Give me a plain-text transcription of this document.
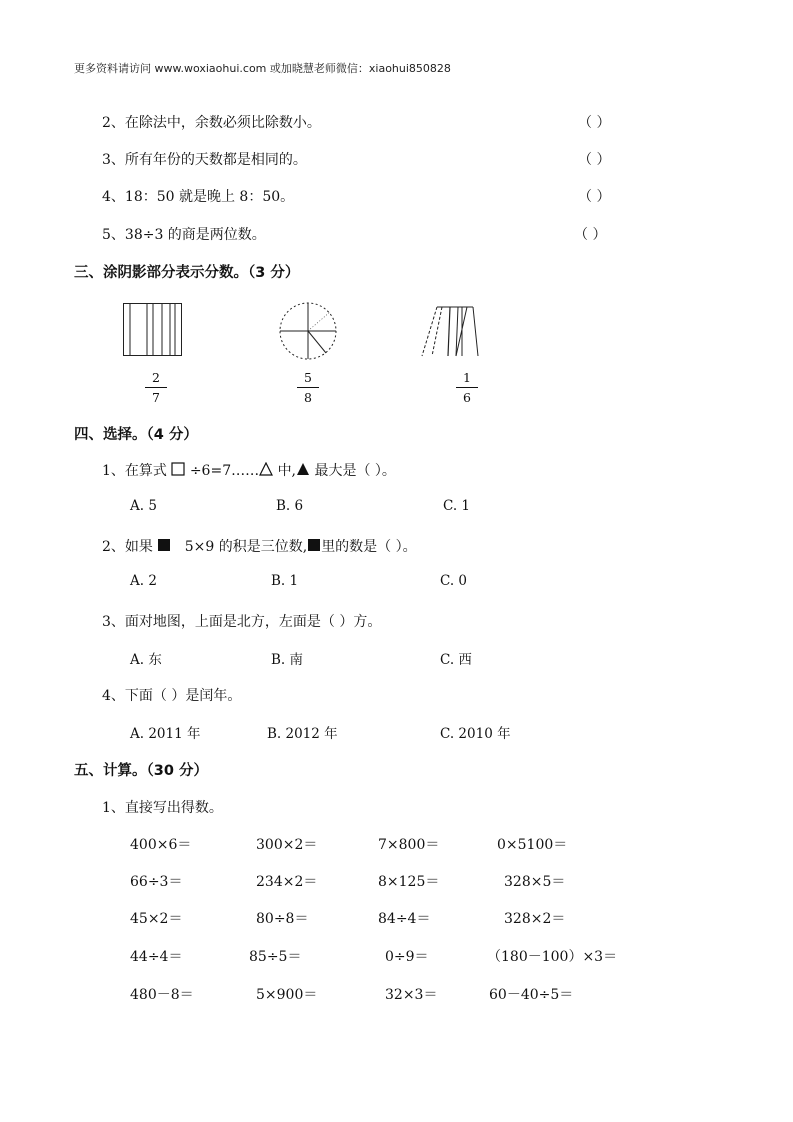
更多资料请访问 www.woxiaohui.com 或加晓慧老师微信：xiaohui850828
2、在除法中，余数必须比除数小。	（ ）
3、所有年份的天数都是相同的。	（ ）
4、18：50 就是晚上 8：50。	（ ）
5、38÷3 的商是两位数。	（ ）
三、涂阴影部分表示分数。（3 分）
$\frac{2}{7}$	$\frac{5}{8}$	$\frac{1}{6}$
四、选择。（4 分）
1、在算式 ÷6=7…… 中, 最大是（ ）。
A. 5	B. 6	C. 1
2、如果 5×9 的积是三位数, 里的数是（ ）。
A. 2	B. 1	C. 0
3、面对地图，上面是北方，左面是（ ）方。
A. 东	B. 南	C. 西
4、下面（ ）是闰年。
A. 2011 年	B. 2012 年	C. 2010 年
五、计算。（30 分）
1、直接写出得数。
400×6＝	300×2＝	7×800＝	0×5100＝
66÷3＝	234×2＝	8×125＝	328×5＝
45×2＝	80÷8＝	84÷4＝	328×2＝
44÷4＝	85÷5＝	0÷9＝	（180－100）×3＝
480－8＝	5×900＝	32×3＝	60－40÷5＝
